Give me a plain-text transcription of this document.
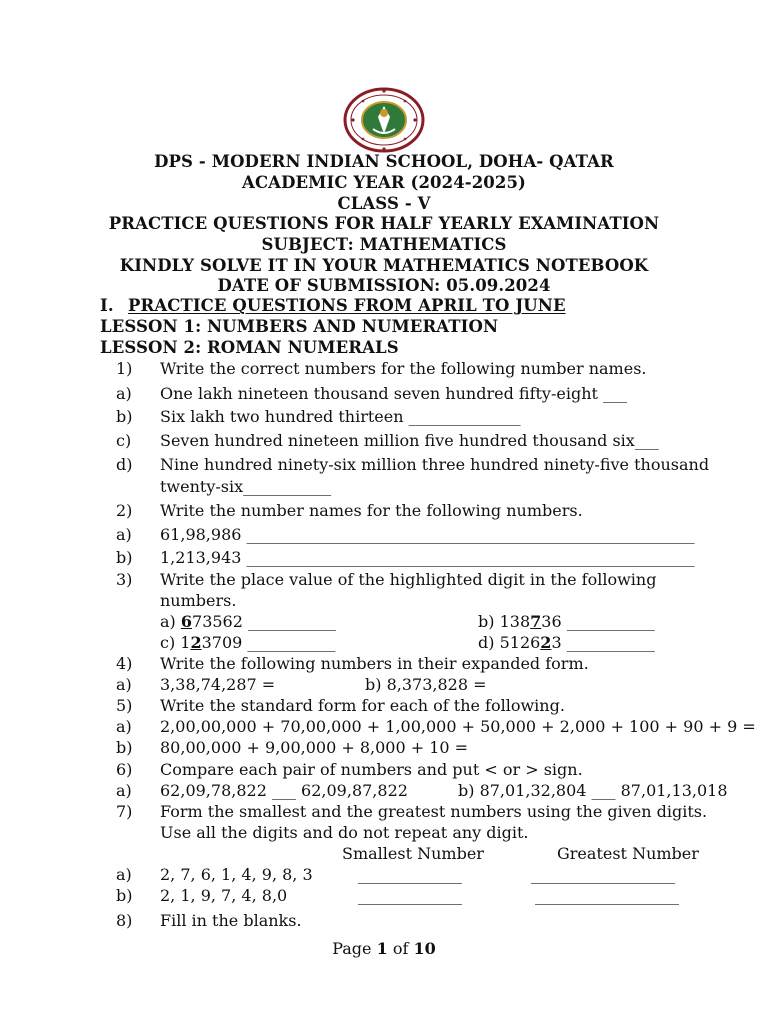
DPS - MODERN INDIAN SCHOOL, DOHA- QATAR
ACADEMIC YEAR (2024-2025)
CLASS - V
PRACTICE QUESTIONS FOR HALF YEARLY EXAMINATION
SUBJECT: MATHEMATICS
KINDLY SOLVE IT IN YOUR MATHEMATICS NOTEBOOK
DATE OF SUBMISSION: 05.09.2024
I. PRACTICE QUESTIONS FROM APRIL TO JUNE
LESSON 1: NUMBERS AND NUMERATION
LESSON 2: ROMAN NUMERALS
1) Write the correct numbers for the following number names.
a) One lakh nineteen thousand seven hundred fifty-eight ___
b) Six lakh two hundred thirteen ______________
c) Seven hundred nineteen million five hundred thousand six___
d) Nine hundred ninety-six million three hundred ninety-five thousand
twenty-six___________
2) Write the number names for the following numbers.
a) 61,98,986 ________________________________________________________
b) 1,213,943 ________________________________________________________
3) Write the place value of the highlighted digit in the following
numbers.
a) 673562 ___________	b) 138736 ___________
c) 123709 ___________	d) 512623 ___________
4) Write the following numbers in their expanded form.
a) 3,38,74,287 =	b) 8,373,828 =
5) Write the standard form for each of the following.
a) 2,00,00,000 + 70,00,000 + 1,00,000 + 50,000 + 2,000 + 100 + 90 + 9 =
b) 80,00,000 + 9,00,000 + 8,000 + 10 =
6) Compare each pair of numbers and put < or > sign.
a) 62,09,78,822 ___ 62,09,87,822	b) 87,01,32,804 ___ 87,01,13,018
7) Form the smallest and the greatest numbers using the given digits.
Use all the digits and do not repeat any digit.
Smallest Number	Greatest Number
a) 2, 7, 6, 1, 4, 9, 8, 3	_____________	__________________
b) 2, 1, 9, 7, 4, 8,0	_____________	__________________
8) Fill in the blanks.
Page 1 of 10
